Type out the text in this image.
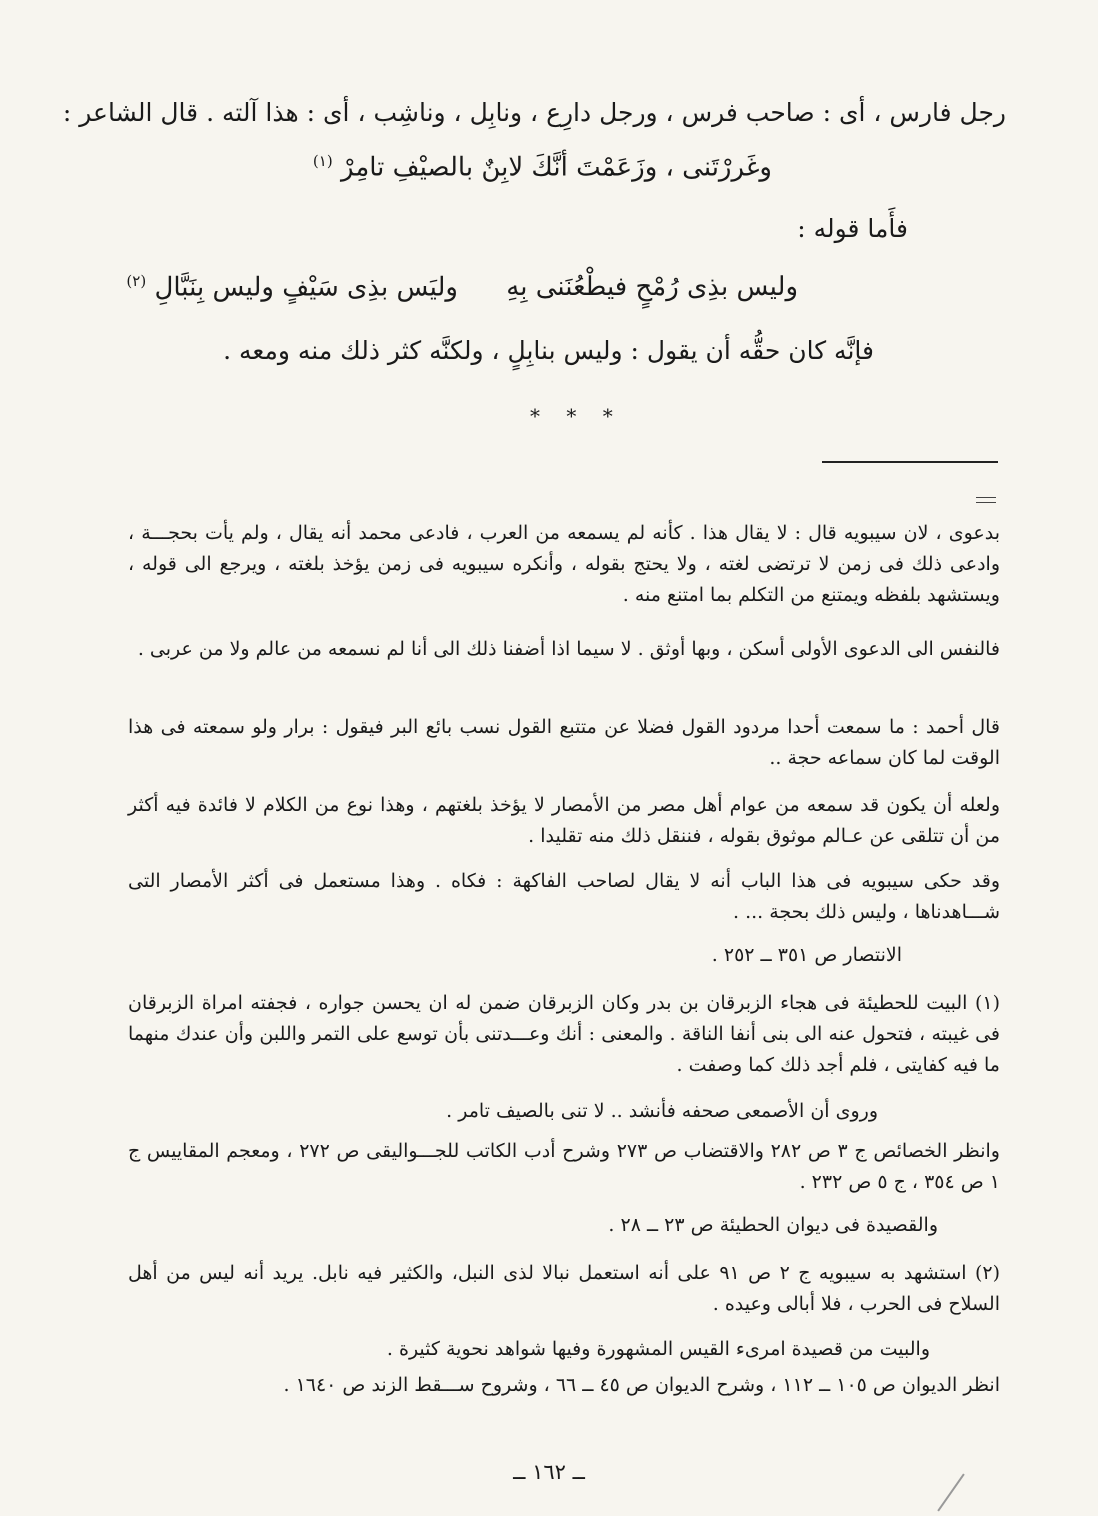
رجل فارس ، أى : صاحب فرس ، ورجل دارِع ، ونابِل ، وناشِب ، أى : هذا آلته . قال الشاعر :
وغَررْتَنى ، وزَعَمْتَ أنَّكَ لابِنٌ بالصيْفِ تامِرْ $^{(١)}$
فأَما قوله :
وليس بذِى رُمْحٍ فيطْعُنَنى بِهِ
وليَس بذِى سَيْفٍ وليس بِنَبَّالِ $^{(٢)}$
فإنَّه كان حقُّه أن يقول : وليس بنابِلٍ ، ولكنَّه كثر ذلك منه ومعه .
* * *
بدعوى ، لان سيبويه قال : لا يقال هذا . كأنه لم يسمعه من العرب ، فادعى محمد أنه يقال ، ولم يأت بحجـــة ، وادعى ذلك فى زمن لا ترتضى لغته ، ولا يحتج بقوله ، وأنكره سيبويه فى زمن يؤخذ بلغته ، ويرجع الى قوله ، ويستشهد بلفظه ويمتنع من التكلم بما امتنع منه .
فالنفس الى الدعوى الأولى أسكن ، وبها أوثق . لا سيما اذا أضفنا ذلك الى أنا لم نسمعه من عالم ولا من عربى .
قال أحمد : ما سمعت أحدا مردود القول فضلا عن متتبع القول نسب بائع البر فيقول : برار ولو سمعته فى هذا الوقت لما كان سماعه حجة ..
ولعله أن يكون قد سمعه من عوام أهل مصر من الأمصار لا يؤخذ بلغتهم ، وهذا نوع من الكلام لا فائدة فيه أكثر من أن تتلقى عن عـالم موثوق بقوله ، فننقل ذلك منه تقليدا .
وقد حكى سيبويه فى هذا الباب أنه لا يقال لصاحب الفاكهة : فكاه . وهذا مستعمل فى أكثر الأمصار التى شـــاهدناها ، وليس ذلك بحجة ... .
الانتصار ص ٣٥١ ــ ٢٥٢ .
(١) البيت للحطيئة فى هجاء الزبرقان بن بدر وكان الزبرقان ضمن له ان يحسن جواره ، فجفته امراة الزبرقان فى غيبته ، فتحول عنه الى بنى أنفا الناقة . والمعنى : أنك وعـــدتنى بأن توسع على التمر واللبن وأن عندك منهما ما فيه كفايتى ، فلم أجد ذلك كما وصفت .
وروى أن الأصمعى صحفه فأنشد .. لا تنى بالصيف تامر .
وانظر الخصائص ج ٣ ص ٢٨٢ والاقتضاب ص ٢٧٣ وشرح أدب الكاتب للجـــواليقى ص ٢٧٢ ، ومعجم المقاييس ج ١ ص ٣٥٤ ، ج ٥ ص ٢٣٢ .
والقصيدة فى ديوان الحطيئة ص ٢٣ ــ ٢٨ .
(٢) استشهد به سيبويه ج ٢ ص ٩١ على أنه استعمل نبالا لذى النبل، والكثير فيه نابل. يريد أنه ليس من أهل السلاح فى الحرب ، فلا أبالى وعيده .
والبيت من قصيدة امرىء القيس المشهورة وفيها شواهد نحوية كثيرة .
انظر الديوان ص ١٠٥ ــ ١١٢ ، وشرح الديوان ص ٤٥ ــ ٦٦ ، وشروح ســـقط الزند ص ١٦٤٠ .
ــ ١٦٢ ــ
